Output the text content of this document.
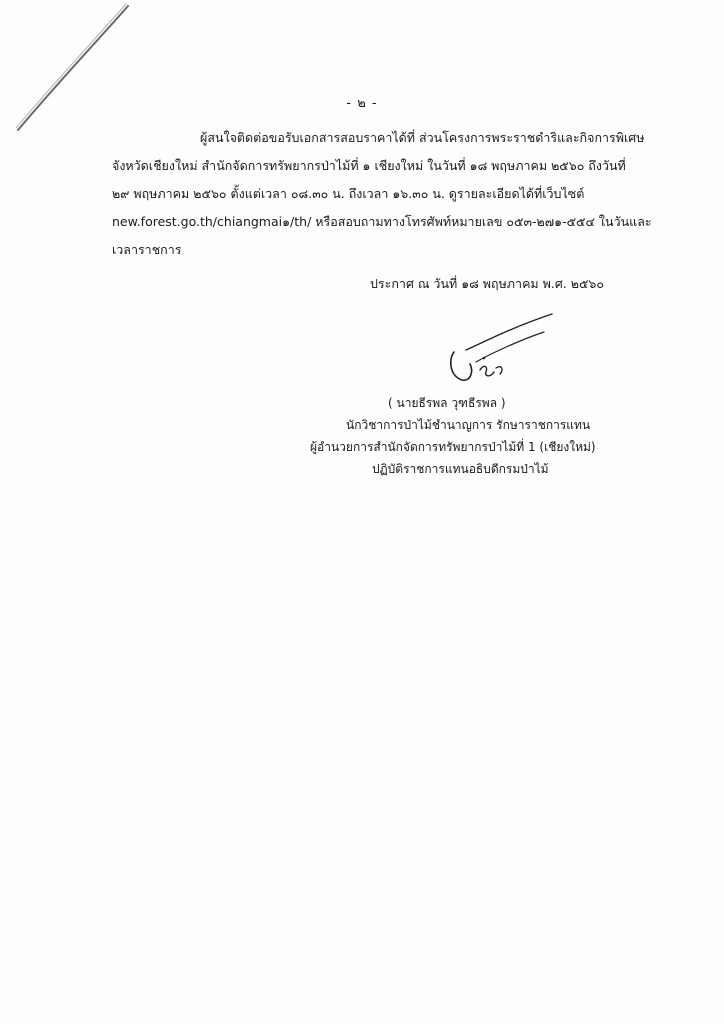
- ๒ -
ผู้สนใจติดต่อขอรับเอกสารสอบราคาได้ที่ ส่วนโครงการพระราชดำริและกิจการพิเศษ
จังหวัดเชียงใหม่ สำนักจัดการทรัพยากรป่าไม้ที่ ๑ เชียงใหม่ ในวันที่ ๑๘ พฤษภาคม ๒๕๖๐ ถึงวันที่
๒๙ พฤษภาคม ๒๕๖๐ ตั้งแต่เวลา ๐๘.๓๐ น. ถึงเวลา ๑๖.๓๐ น. ดูรายละเอียดได้ที่เว็บไซต์
new.forest.go.th/chiangmai๑/th/ หรือสอบถามทางโทรศัพท์หมายเลข ๐๕๓-๒๗๑-๕๕๔ ในวันและ
เวลาราชการ
ประกาศ ณ วันที่ ๑๘ พฤษภาคม พ.ศ. ๒๕๖๐
( นายธีรพล วุฑธีรพล )
นักวิชาการป่าไม้ชำนาญการ รักษาราชการแทน
ผู้อำนวยการสำนักจัดการทรัพยากรป่าไม้ที่ 1 (เชียงใหม่)
ปฏิบัติราชการแทนอธิบดีกรมป่าไม้
